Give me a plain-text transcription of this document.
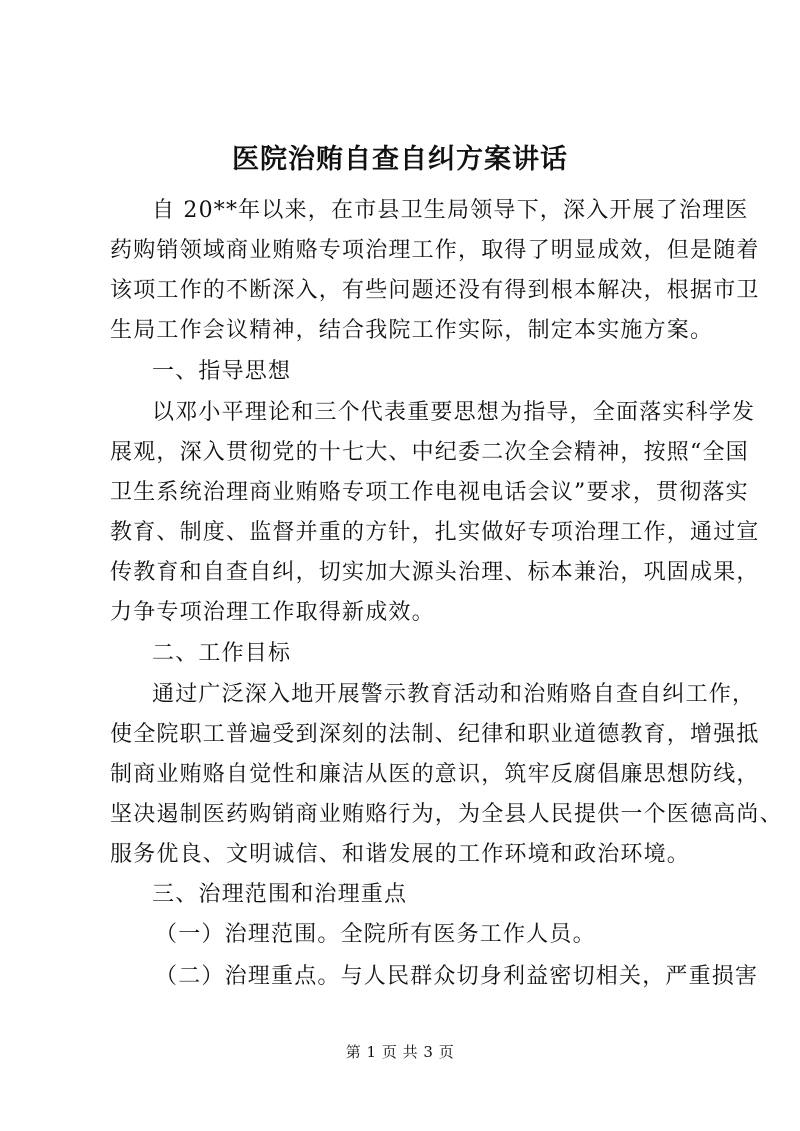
医院治贿自查自纠方案讲话
自 20**年以来，在市县卫生局领导下，深入开展了治理医
药购销领域商业贿赂专项治理工作，取得了明显成效，但是随着
该项工作的不断深入，有些问题还没有得到根本解决，根据市卫
生局工作会议精神，结合我院工作实际，制定本实施方案。
一、指导思想
以邓小平理论和三个代表重要思想为指导，全面落实科学发
展观，深入贯彻党的十七大、中纪委二次全会精神，按照“全国
卫生系统治理商业贿赂专项工作电视电话会议”要求，贯彻落实
教育、制度、监督并重的方针，扎实做好专项治理工作，通过宣
传教育和自查自纠，切实加大源头治理、标本兼治，巩固成果，
力争专项治理工作取得新成效。
二、工作目标
通过广泛深入地开展警示教育活动和治贿赂自查自纠工作，
使全院职工普遍受到深刻的法制、纪律和职业道德教育，增强抵
制商业贿赂自觉性和廉洁从医的意识，筑牢反腐倡廉思想防线，
坚决遏制医药购销商业贿赂行为，为全县人民提供一个医德高尚、
服务优良、文明诚信、和谐发展的工作环境和政治环境。
三、治理范围和治理重点
（一）治理范围。全院所有医务工作人员。
（二）治理重点。与人民群众切身利益密切相关，严重损害
第 1 页 共 3 页
